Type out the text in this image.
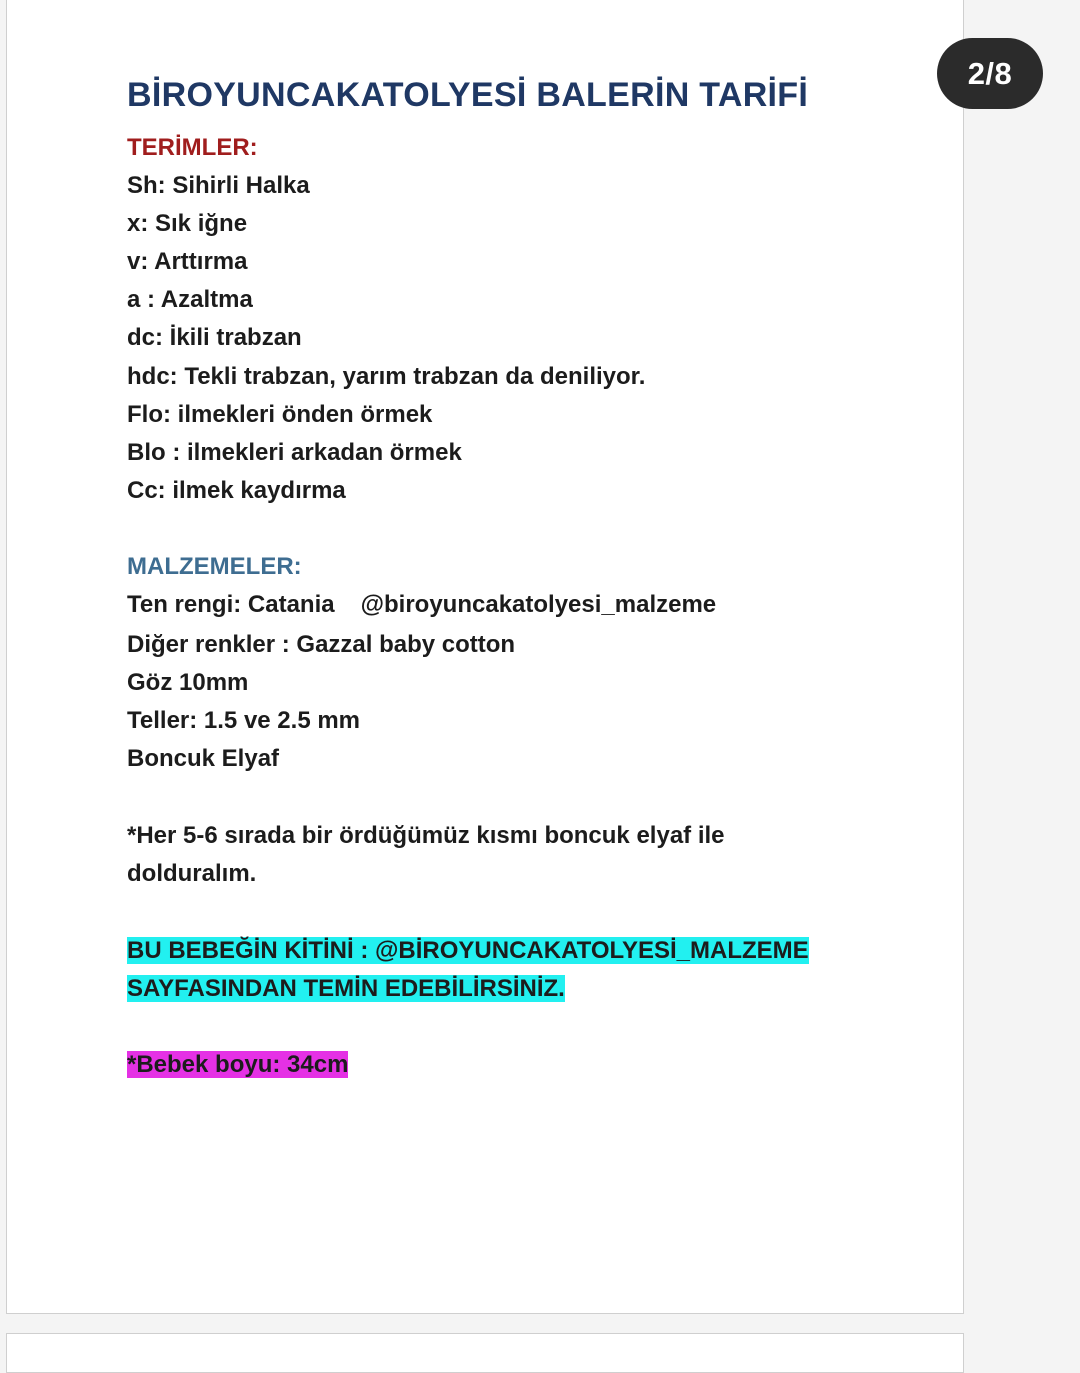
BİROYUNCAKATOLYESİ BALERİN TARİFİ
TERİMLER:
Sh: Sihirli Halka
x: Sık iğne
v: Arttırma
a : Azaltma
dc: İkili trabzan
hdc: Tekli trabzan, yarım trabzan da deniliyor.
Flo: ilmekleri önden örmek
Blo : ilmekleri arkadan örmek
Cc: ilmek kaydırma
MALZEMELER:
Ten rengi: Catania @biroyuncakatolyesi_malzeme
Diğer renkler : Gazzal baby cotton
Göz 10mm
Teller: 1.5 ve 2.5 mm
Boncuk Elyaf
*Her 5-6 sırada bir ördüğümüz kısmı boncuk elyaf ile
dolduralım.
BU BEBEĞİN KİTİNİ : @BİROYUNCAKATOLYESİ_MALZEME
SAYFASINDAN TEMİN EDEBİLİRSİNİZ.
*Bebek boyu: 34cm
2/8
